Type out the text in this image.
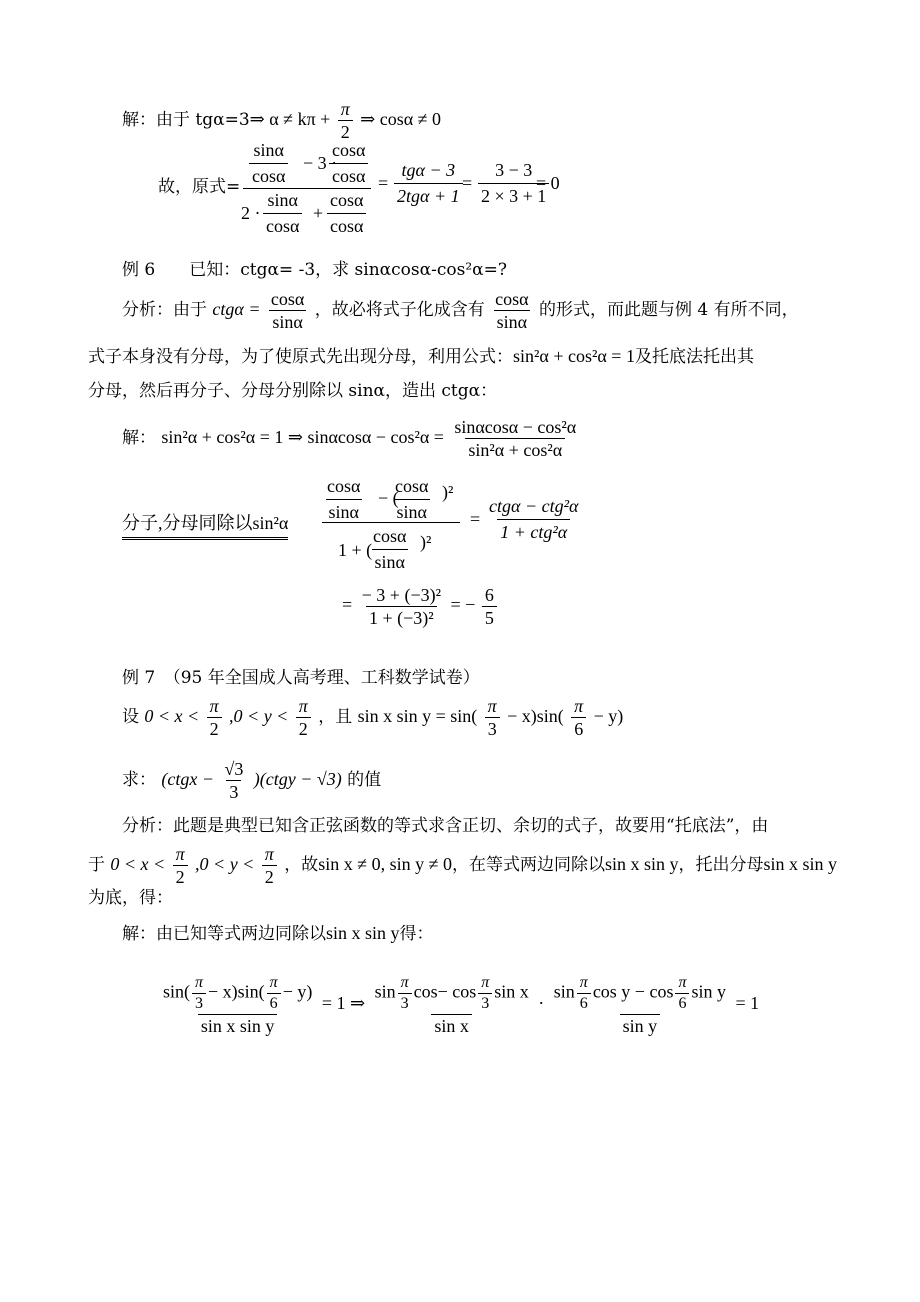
解：由于 tgα=3⇒ $\alpha \ne k\pi + \frac{\pi}{2}$ ⇒ cosα ≠ 0
故，原式= $\frac{\sin\alpha}{\cos\alpha} - 3$ ·
$\frac{\cos\alpha}{\cos\alpha}$
$2 \cdot \frac{\sin\alpha}{\cos\alpha} + \frac{\cos\alpha}{\cos\alpha}$
= $\frac{\text{tgα − 3}}{\text{2tgα + 1}} = \frac{3 - 3}{2 \times 3 + 1}$
= 0
例 6　　已知：ctgα= -3，求 sinαcosα-cos²α=?
分析：由于 $ctg\alpha = \frac{\cos\alpha}{\sin\alpha}$ ，故必将式子化成含有 $\frac{\cos\alpha}{\sin\alpha}$ 的形式，而此题与例 4 有所不同，
式子本身没有分母，为了使原式先出现分母，利用公式：sin²α + cos²α = 1及托底法托出其
分母，然后再分子、分母分别除以 sinα，造出 ctgα：
解： sin²α + cos²α = 1 ⇒ $\sin\alpha\cos\alpha - \cos^2\alpha = \frac{\text{sinαcosα − cos²α}}{\text{sin²α + cos²α}}$
分子,分母同除以$\sin^2\alpha \frac{\cos\alpha}{\sin\alpha}$ − (
$\frac{\cos\alpha}{\sin\alpha} )^2$
1 + (
$\frac{\cos\alpha}{\sin\alpha} )^2$
= $\frac{\text{ctgα − ctg²α}}{\text{1 + ctg²α}}$
= $\frac{\text{− 3 + (−3)²}}{\text{1 + (−3)²}}$ = − $\frac{6}{5}$
例 7　（95 年全国成人高考理、工科数学试卷）
设 $0 < x < \frac{\pi}{2} ,0 < y < \frac{\pi}{2}$ ，且 sin x $\sin y = \sin( \frac{\pi}{3} - x)\sin( \frac{\pi}{6} - y)$
求： (ctgx − $\frac{√3}{3}$ )(ctgy − √3) 的值
分析：此题是典型已知含正弦函数的等式求含正切、余切的式子，故要用“托底法”，由
于 $0 < x < \frac{\pi}{2} ,0 < y < \frac{\pi}{2}$ ，故sin x ≠ 0, sin y ≠ 0，在等式两边同除以sin x sin y，托出分母sin x sin y
为底，得：
解：由已知等式两边同除以sin x sin y得：
$\frac{\sin( \frac{\pi}{3} - x)\sin( \frac{\pi}{6} - y)}{\text{sin x sin y}} = 1$ ⇒ $\frac{\sin \frac{\pi}{3} \cos- \cos \frac{\pi}{3} \sin x}{\text{sin x}} \cdot \frac{\sin \frac{\pi}{6} \cos y - \cos \frac{\pi}{6} \sin y}{\text{sin y}} = 1$
